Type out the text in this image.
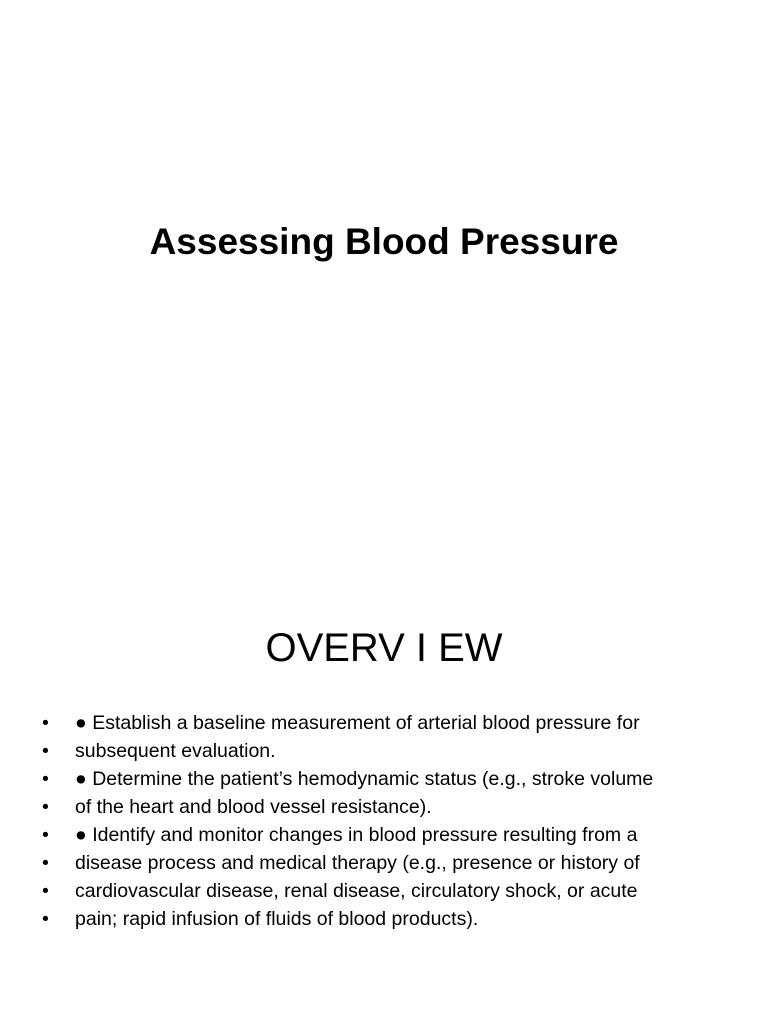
Assessing Blood Pressure
OVERV I EW
•	● Establish a baseline measurement of arterial blood pressure for
•	subsequent evaluation.
•	● Determine the patient’s hemodynamic status (e.g., stroke volume
•	of the heart and blood vessel resistance).
•	● Identify and monitor changes in blood pressure resulting from a
•	disease process and medical therapy (e.g., presence or history of
•	cardiovascular disease, renal disease, circulatory shock, or acute
•	pain; rapid infusion of fluids of blood products).
